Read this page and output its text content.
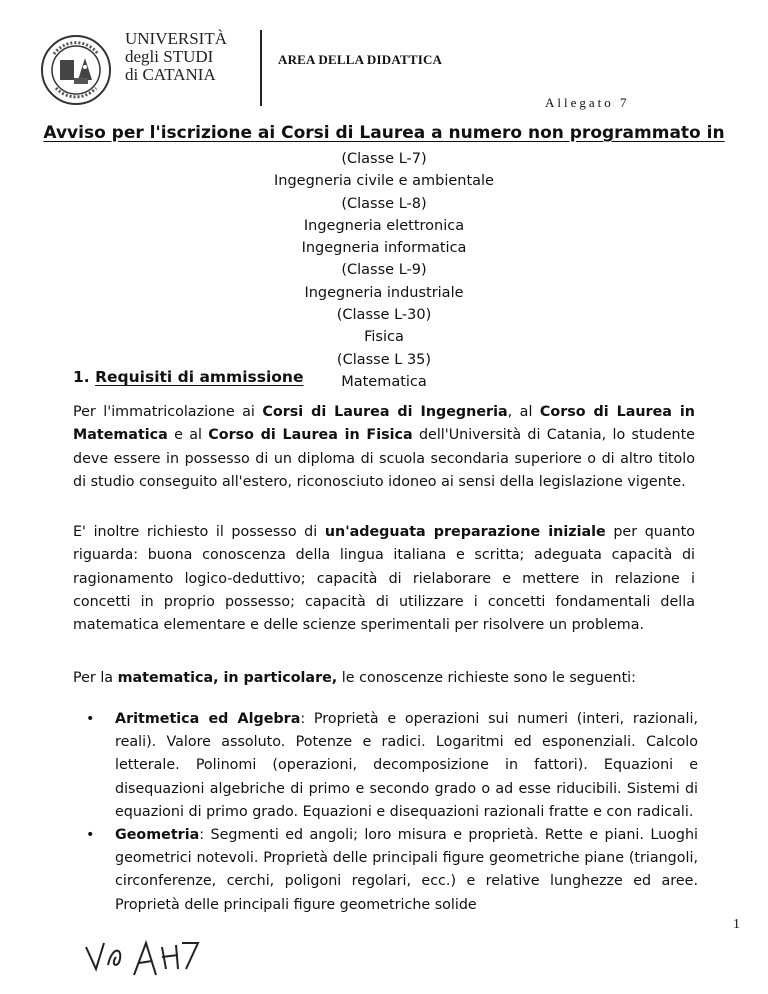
UNIVERSITÀ
degli STUDI
di CATANIA
AREA DELLA DIDATTICA
Allegato 7
Avviso per l'iscrizione ai Corsi di Laurea a numero non programmato in
(Classe L-7)
Ingegneria civile e ambientale
(Classe L-8)
Ingegneria elettronica
Ingegneria informatica
(Classe L-9)
Ingegneria industriale
(Classe L-30)
Fisica
(Classe L 35)
Matematica
1. Requisiti di ammissione
Per l'immatricolazione ai Corsi di Laurea di Ingegneria, al Corso di Laurea in Matematica e al Corso di Laurea in Fisica dell'Università di Catania, lo studente deve essere in possesso di un diploma di scuola secondaria superiore o di altro titolo di studio conseguito all'estero, riconosciuto idoneo ai sensi della legislazione vigente.
E' inoltre richiesto il possesso di un'adeguata preparazione iniziale per quanto riguarda: buona conoscenza della lingua italiana e scritta; adeguata capacità di ragionamento logico-deduttivo; capacità di rielaborare e mettere in relazione i concetti in proprio possesso; capacità di utilizzare i concetti fondamentali della matematica elementare e delle scienze sperimentali per risolvere un problema.
Per la matematica, in particolare, le conoscenze richieste sono le seguenti:
• Aritmetica ed Algebra: Proprietà e operazioni sui numeri (interi, razionali, reali). Valore assoluto. Potenze e radici. Logaritmi ed esponenziali. Calcolo letterale. Polinomi (operazioni, decomposizione in fattori). Equazioni e disequazioni algebriche di primo e secondo grado o ad esse riducibili. Sistemi di equazioni di primo grado. Equazioni e disequazioni razionali fratte e con radicali.
• Geometria: Segmenti ed angoli; loro misura e proprietà. Rette e piani. Luoghi geometrici notevoli. Proprietà delle principali figure geometriche piane (triangoli, circonferenze, cerchi, poligoni regolari, ecc.) e relative lunghezze ed aree. Proprietà delle principali figure geometriche solide
1
